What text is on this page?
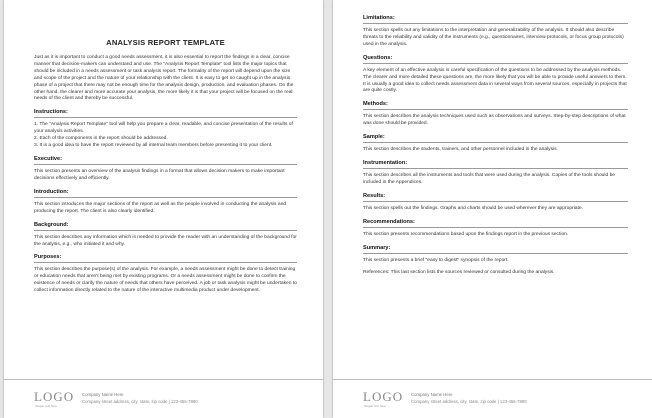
ANALYSIS REPORT TEMPLATE

Just as it is important to conduct a good needs assessment, it is also essential to report the findings in a clear, concise manner that decision-makers can understand and use. The "Analysis Report Template" tool lists the major topics that should be included in a needs assessment or task analysis report. The formality of the report will depend upon the size and scope of the project and the nature of your relationship with the client. It is easy to get so caught up in the analysis phase of a project that there may not be enough time for the analysis design, production, and evaluation phases. On the other hand, the clearer and more accurate your analysis, the more likely it is that your project will be focused on the real needs of the client and thereby be successful.

Instructions:
1. The "Analysis Report Template" tool will help you prepare a clear, readable, and concise presentation of the results of your analysis activities.
2. Each of the components in the report should be addressed.
3. It is a good idea to have the report reviewed by all internal team members before presenting it to your client.
Executive:

This section presents an overview of the analysis findings in a format that allows decision makers to make important decisions effectively and efficiently.

Introduction:

This section introduces the major sections of the report as well as the people involved in conducting the analysis and producing the report. The client is also clearly identified.

Background:

This section describes any information which is needed to provide the reader with an understanding of the background for the analysis, e.g., who initiated it and why.

Purposes:

This section describes the purpose(s) of the analysis. For example, a needs assessment might be done to detect training or education needs that aren't being met by existing programs. Or a needs assessment might be done to confirm the existence of needs or clarify the nature of needs that others have perceived. A job or task analysis might be undertaken to collect information directly related to the nature of the interactive multimedia product under development.

LOGO
Slogan text here
Company Name Here
Company street address, city, state, zip code | 123-456-7890
Limitations:

This section spells out any limitations to the interpretation and generalizability of the analysis. It should also describe threats to the reliability and validity of the instruments (e.g., questionnaires, interview protocols, or focus group protocols) used in the analysis.

Questions:

A key element of an effective analysis is careful specification of the questions to be addressed by the analysis methods. The clearer and more detailed these questions are, the more likely that you will be able to provide useful answers to them. It is usually a good idea to collect needs assessment data in several ways from several sources, especially in projects that are quite costly.

Methods:

This section describes the analysis techniques used such as observations and surveys. Step-by-step descriptions of what was done should be provided.

Sample:

This section describes the students, trainers, and other personnel included in the analysis.

Instrumentation:

This section describes all the instruments and tools that were used during the analysis. Copies of the tools should be included in the Appendices.

Results:

This section spells out the findings. Graphs and charts should be used wherever they are appropriate.

Recommendations:

This section presents recommendations based upon the findings report in the previous section.

Summary:

This section presents a brief "easy to digest" synopsis of the report.

References: This last section lists the sources reviewed or consulted during the analysis.

LOGO
Slogan text here
Company Name Here
Company street address, city, state, zip code | 123-456-7890
